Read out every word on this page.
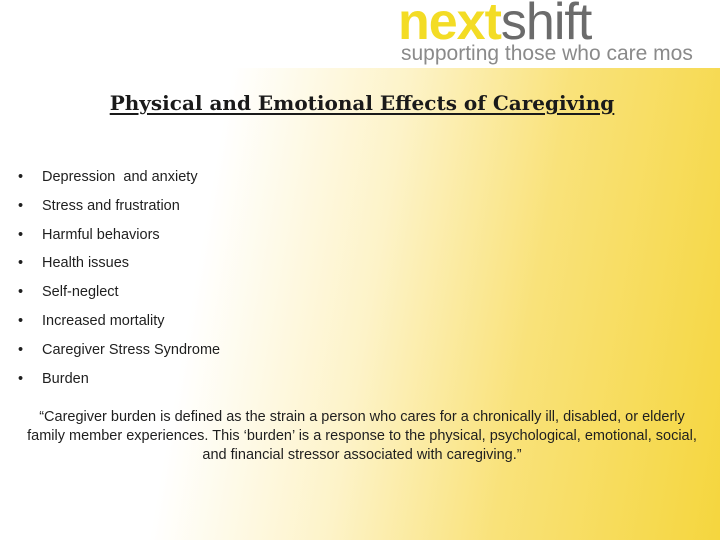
nextshift
supporting those who care mos
Physical and Emotional Effects of Caregiving
•	Depression  and anxiety
•	Stress and frustration
•	Harmful behaviors
•	Health issues
•	Self-neglect
•	Increased mortality
•	Caregiver Stress Syndrome
•	Burden
“Caregiver burden is defined as the strain a person who cares for a chronically ill, disabled, or elderly family member experiences. This ‘burden’ is a response to the physical, psychological, emotional, social, and financial stressor associated with caregiving.”
